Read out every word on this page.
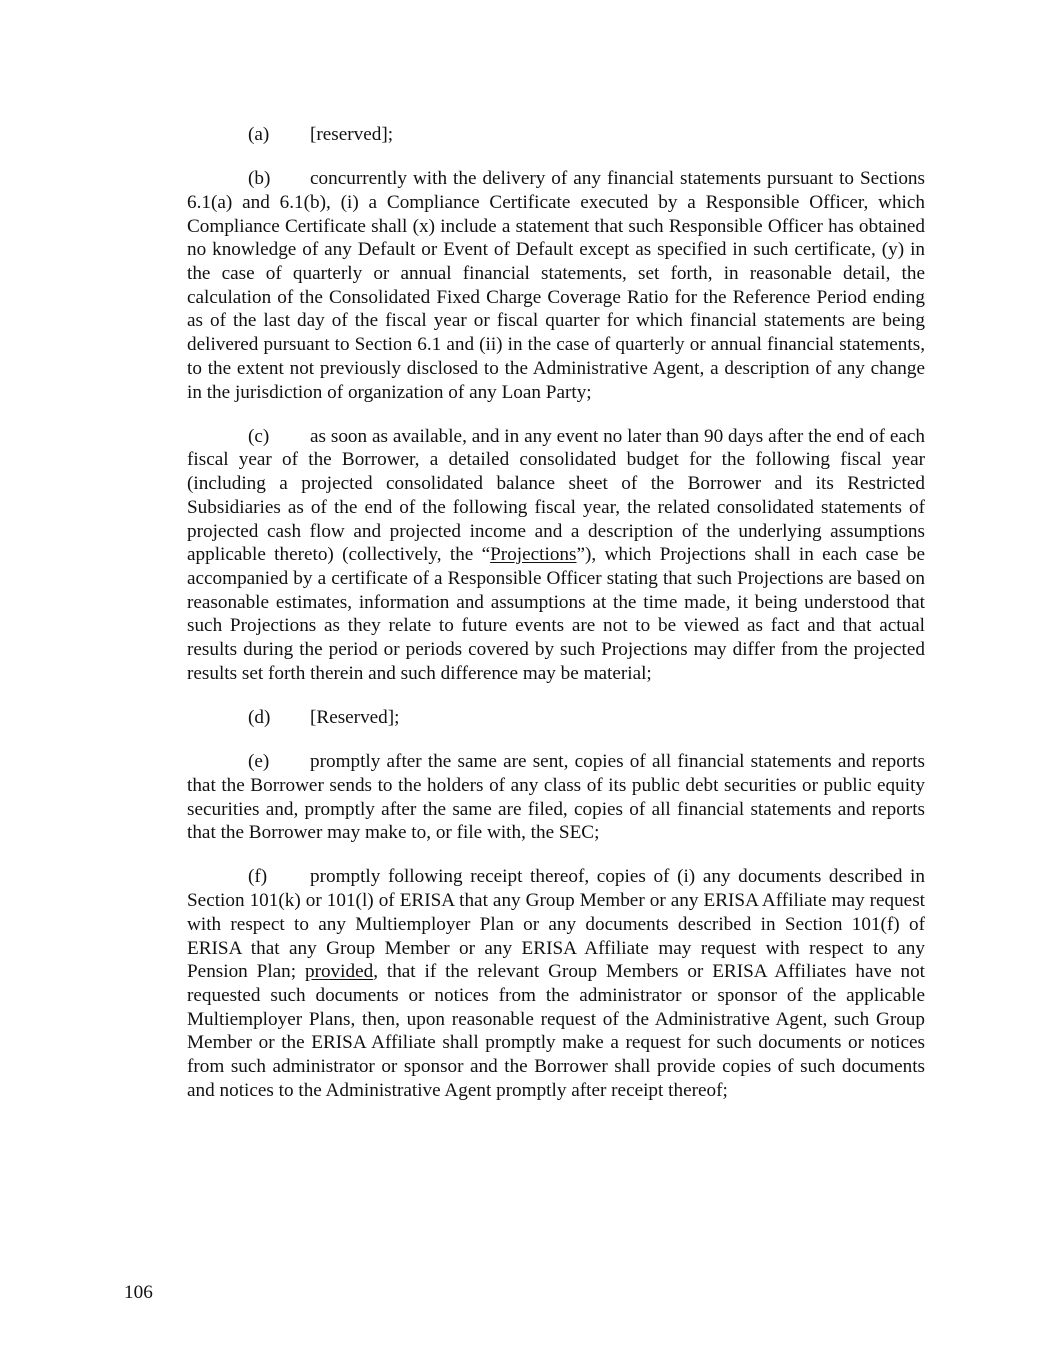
(a) [reserved];

(b) concurrently with the delivery of any financial statements pursuant to Sections 6.1(a) and 6.1(b), (i) a Compliance Certificate executed by a Responsible Officer, which Compliance Certificate shall (x) include a statement that such Responsible Officer has obtained no knowledge of any Default or Event of Default except as specified in such certificate, (y) in the case of quarterly or annual financial statements, set forth, in reasonable detail, the calculation of the Consolidated Fixed Charge Coverage Ratio for the Reference Period ending as of the last day of the fiscal year or fiscal quarter for which financial statements are being delivered pursuant to Section 6.1 and (ii) in the case of quarterly or annual financial statements, to the extent not previously disclosed to the Administrative Agent, a description of any change in the jurisdiction of organization of any Loan Party;

(c) as soon as available, and in any event no later than 90 days after the end of each fiscal year of the Borrower, a detailed consolidated budget for the following fiscal year (including a projected consolidated balance sheet of the Borrower and its Restricted Subsidiaries as of the end of the following fiscal year, the related consolidated statements of projected cash flow and projected income and a description of the underlying assumptions applicable thereto) (collectively, the “Projections”), which Projections shall in each case be accompanied by a certificate of a Responsible Officer stating that such Projections are based on reasonable estimates, information and assumptions at the time made, it being understood that such Projections as they relate to future events are not to be viewed as fact and that actual results during the period or periods covered by such Projections may differ from the projected results set forth therein and such difference may be material;

(d) [Reserved];

(e) promptly after the same are sent, copies of all financial statements and reports that the Borrower sends to the holders of any class of its public debt securities or public equity securities and, promptly after the same are filed, copies of all financial statements and reports that the Borrower may make to, or file with, the SEC;

(f) promptly following receipt thereof, copies of (i) any documents described in Section 101(k) or 101(l) of ERISA that any Group Member or any ERISA Affiliate may request with respect to any Multiemployer Plan or any documents described in Section 101(f) of ERISA that any Group Member or any ERISA Affiliate may request with respect to any Pension Plan; provided, that if the relevant Group Members or ERISA Affiliates have not requested such documents or notices from the administrator or sponsor of the applicable Multiemployer Plans, then, upon reasonable request of the Administrative Agent, such Group Member or the ERISA Affiliate shall promptly make a request for such documents or notices from such administrator or sponsor and the Borrower shall provide copies of such documents and notices to the Administrative Agent promptly after receipt thereof;

106
